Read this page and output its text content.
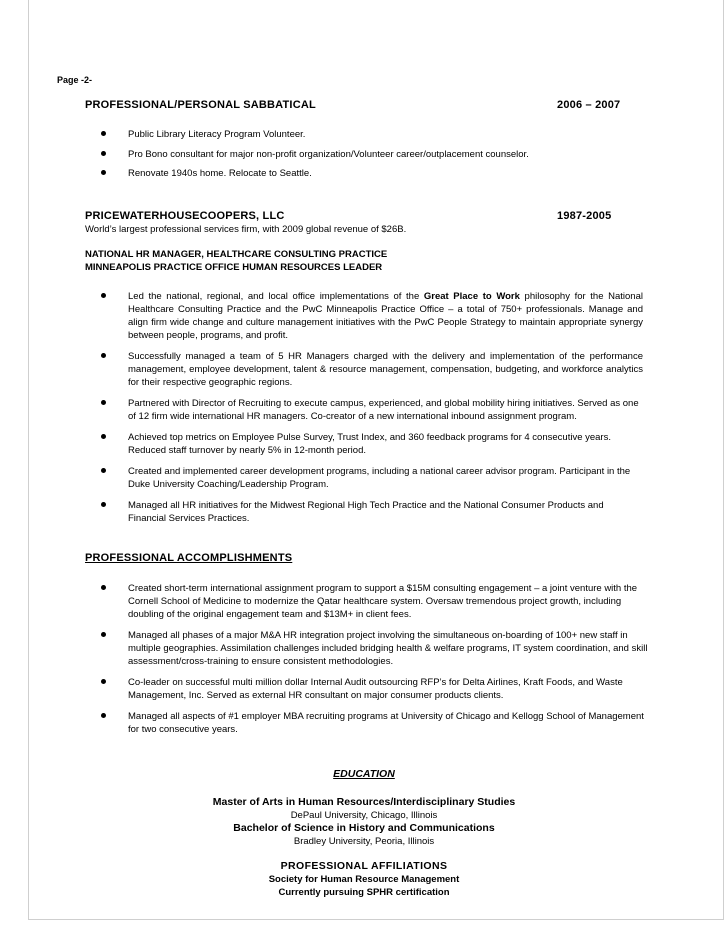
Page -2-
PROFESSIONAL/PERSONAL SABBATICAL	2006 – 2007
Public Library Literacy Program Volunteer.
Pro Bono consultant for major non-profit organization/Volunteer career/outplacement counselor.
Renovate 1940s home. Relocate to Seattle.
PRICEWATERHOUSECOOPERS, LLC	1987-2005
World’s largest professional services firm, with 2009 global revenue of $26B.
NATIONAL HR MANAGER, HEALTHCARE CONSULTING PRACTICE
MINNEAPOLIS PRACTICE OFFICE HUMAN RESOURCES LEADER
Led the national, regional, and local office implementations of the Great Place to Work philosophy for the National Healthcare Consulting Practice and the PwC Minneapolis Practice Office – a total of 750+ professionals. Manage and align firm wide change and culture management initiatives with the PwC People Strategy to maintain appropriate synergy between people, programs, and profit.
Successfully managed a team of 5 HR Managers charged with the delivery and implementation of the performance management, employee development, talent & resource management, compensation, budgeting, and workforce analytics for their respective geographic regions.
Partnered with Director of Recruiting to execute campus, experienced, and global mobility hiring initiatives. Served as one of 12 firm wide international HR managers. Co-creator of a new international inbound assignment program.
Achieved top metrics on Employee Pulse Survey, Trust Index, and 360 feedback programs for 4 consecutive years. Reduced staff turnover by nearly 5% in 12-month period.
Created and implemented career development programs, including a national career advisor program. Participant in the Duke University Coaching/Leadership Program.
Managed all HR initiatives for the Midwest Regional High Tech Practice and the National Consumer Products and Financial Services Practices.
PROFESSIONAL ACCOMPLISHMENTS
Created short-term international assignment program to support a $15M consulting engagement – a joint venture with the Cornell School of Medicine to modernize the Qatar healthcare system. Oversaw tremendous project growth, including doubling of the original engagement team and $13M+ in client fees.
Managed all phases of a major M&A HR integration project involving the simultaneous on-boarding of 100+ new staff in multiple geographies. Assimilation challenges included bridging health & welfare programs, IT system coordination, and skill assessment/cross-training to ensure consistent methodologies.
Co-leader on successful multi million dollar Internal Audit outsourcing RFP’s for Delta Airlines, Kraft Foods, and Waste Management, Inc. Served as external HR consultant on major consumer products clients.
Managed all aspects of #1 employer MBA recruiting programs at University of Chicago and Kellogg School of Management for two consecutive years.
EDUCATION
Master of Arts in Human Resources/Interdisciplinary Studies
DePaul University, Chicago, Illinois
Bachelor of Science in History and Communications
Bradley University, Peoria, Illinois
PROFESSIONAL AFFILIATIONS
Society for Human Resource Management
Currently pursuing SPHR certification
